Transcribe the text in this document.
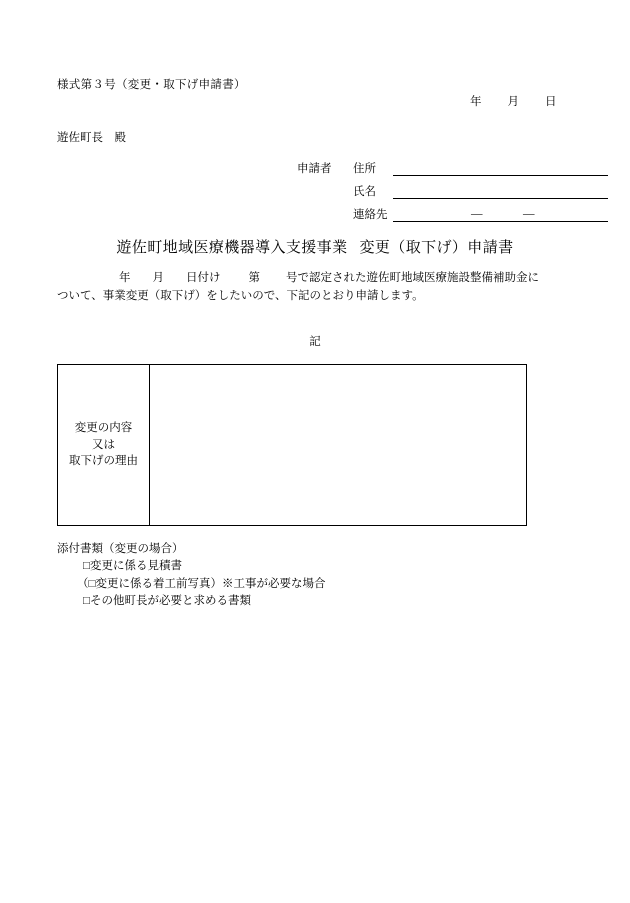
様式第３号（変更・取下げ申請書）
年 月 日
遊佐町長　殿
申請者 住所
氏名
連絡先	―	―
遊佐町地域医療機器導入支援事業 変更（取下げ）申請書
年 月 日付け 第 号で認定された遊佐町地域医療施設整備補助金に
ついて、事業変更（取下げ）をしたいので、下記のとおり申請します。
記
変更の内容
又は
取下げの理由
添付書類（変更の場合）
□変更に係る見積書
（□変更に係る着工前写真）※工事が必要な場合
□その他町長が必要と求める書類
